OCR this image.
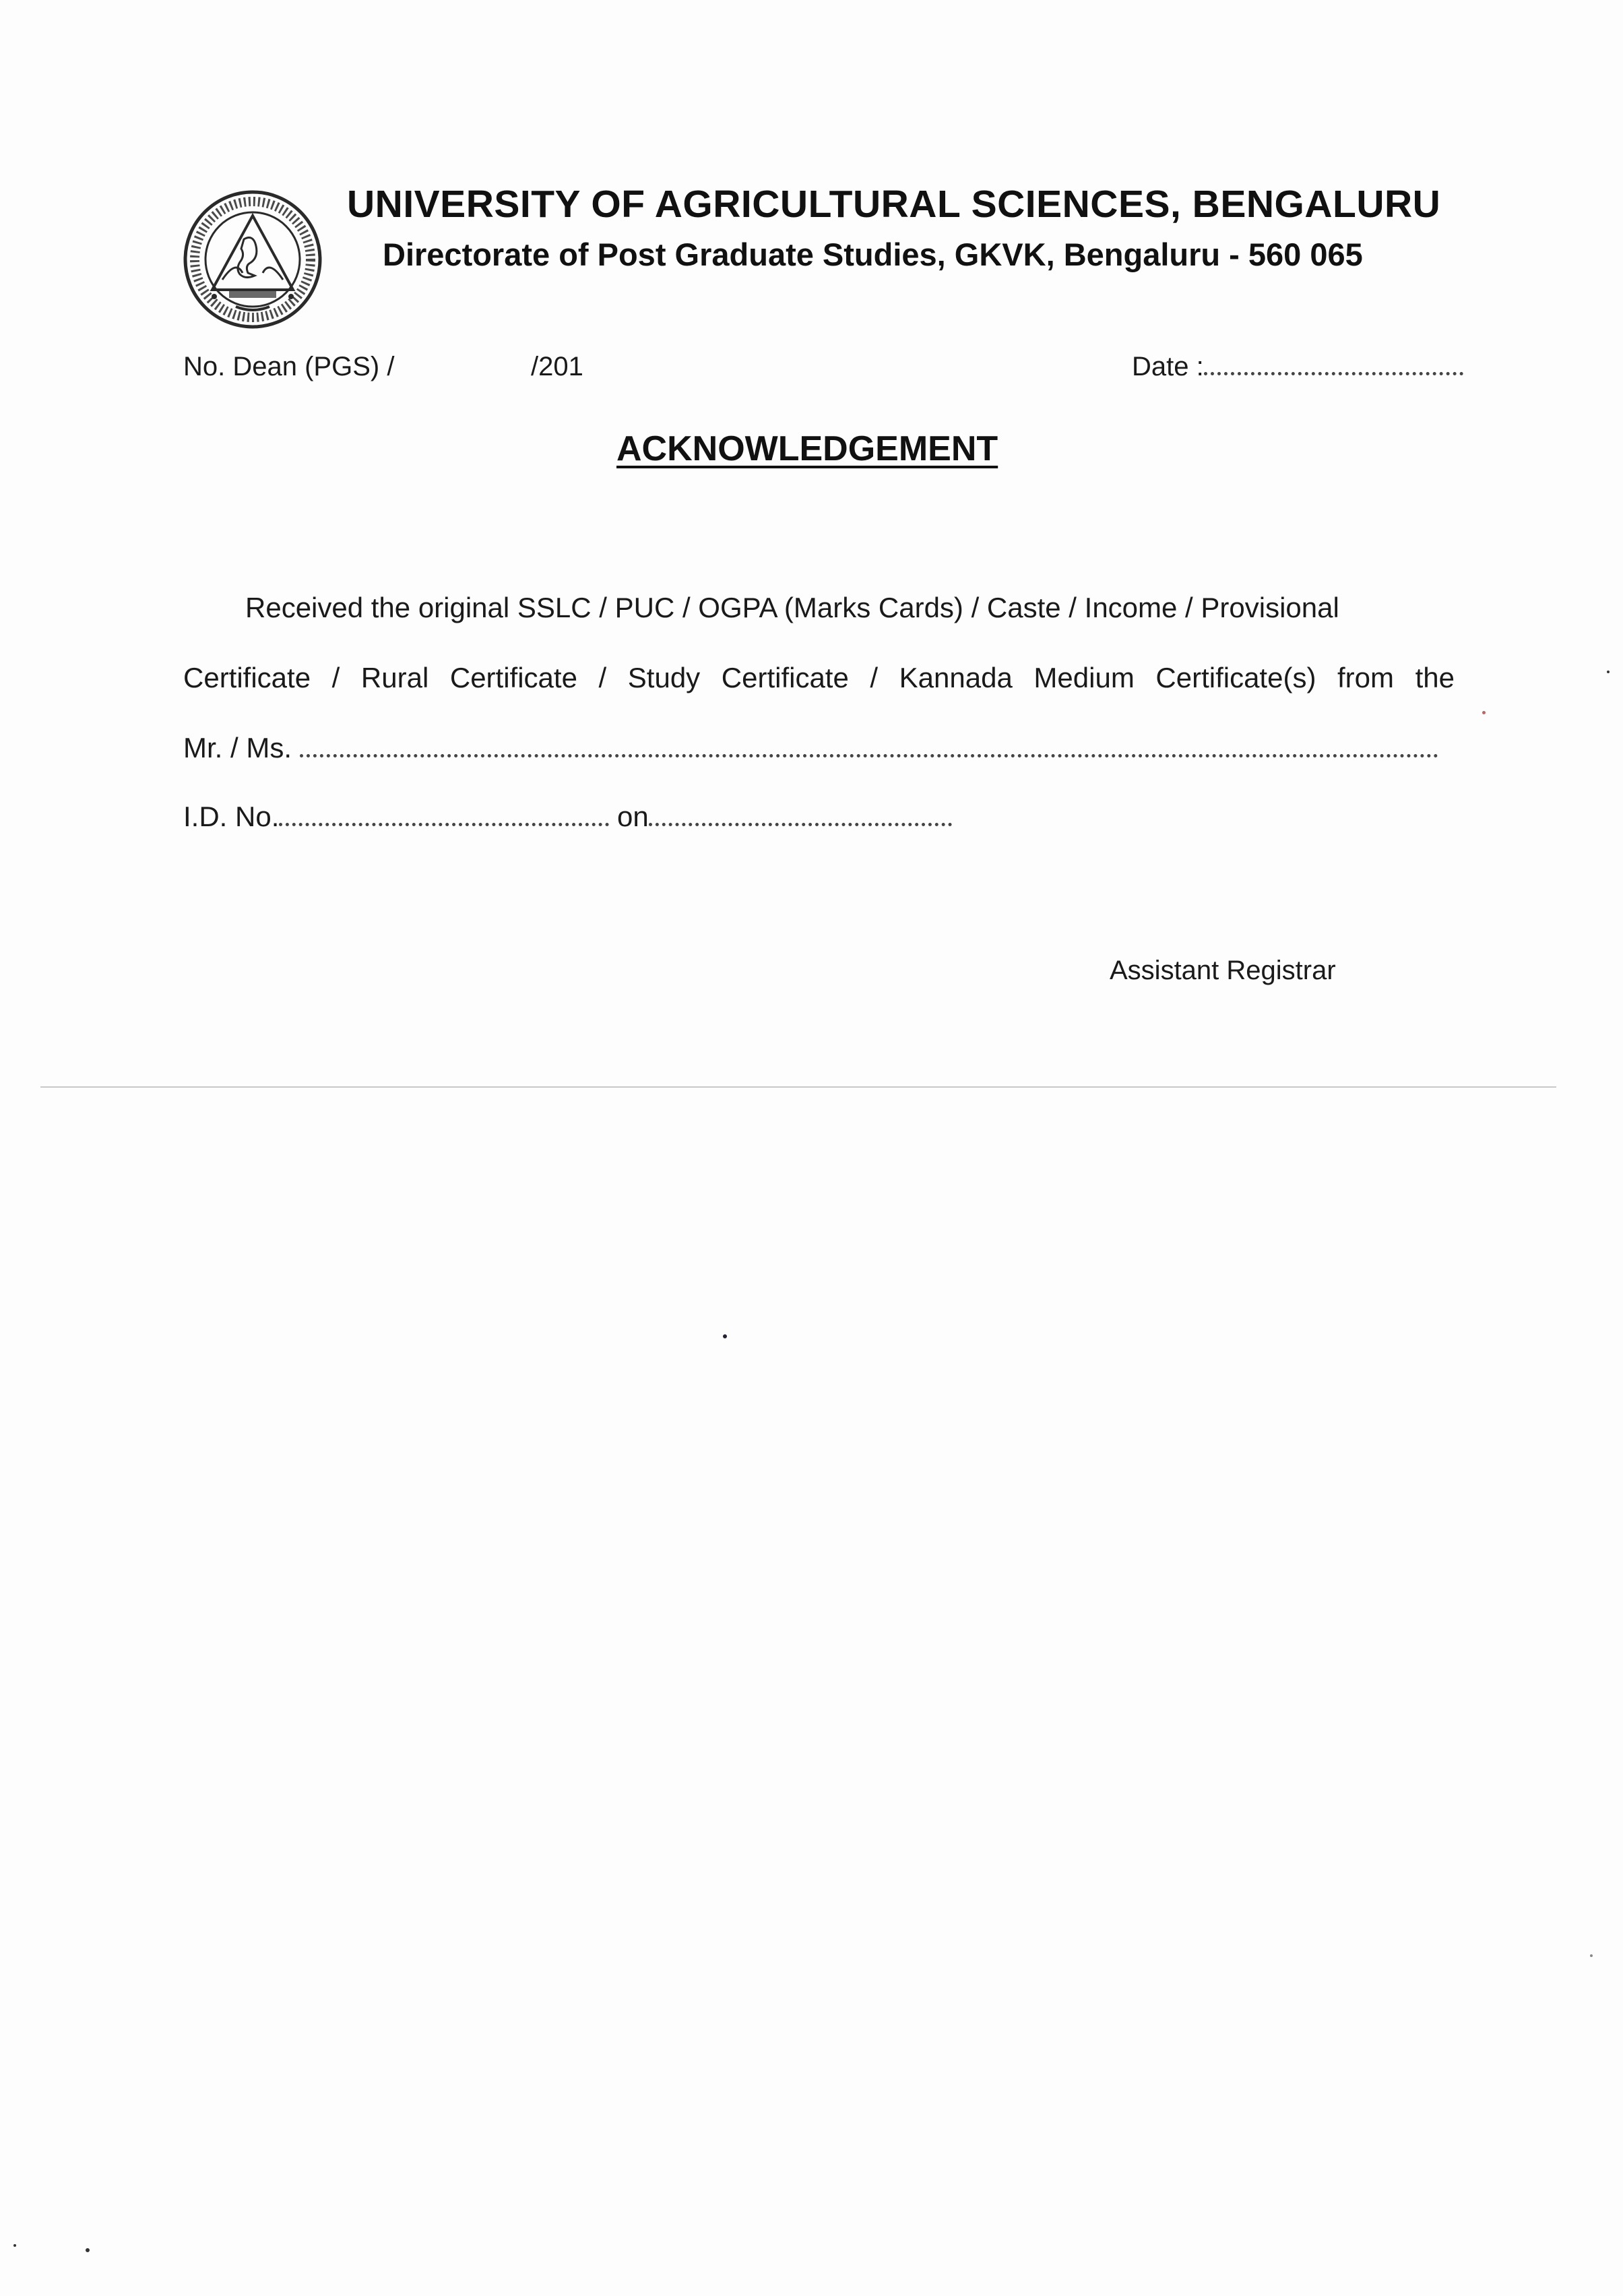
UNIVERSITY OF AGRICULTURAL SCIENCES, BENGALURU
Directorate of Post Graduate Studies, GKVK, Bengaluru - 560 065
No. Dean (PGS) /	/201	Date :
ACKNOWLEDGEMENT
Received the original SSLC / PUC / OGPA (Marks Cards) / Caste / Income / Provisional
Certificate / Rural Certificate / Study Certificate / Kannada Medium Certificate(s) from the
Mr. / Ms.
I.D. No.	on
Assistant Registrar
